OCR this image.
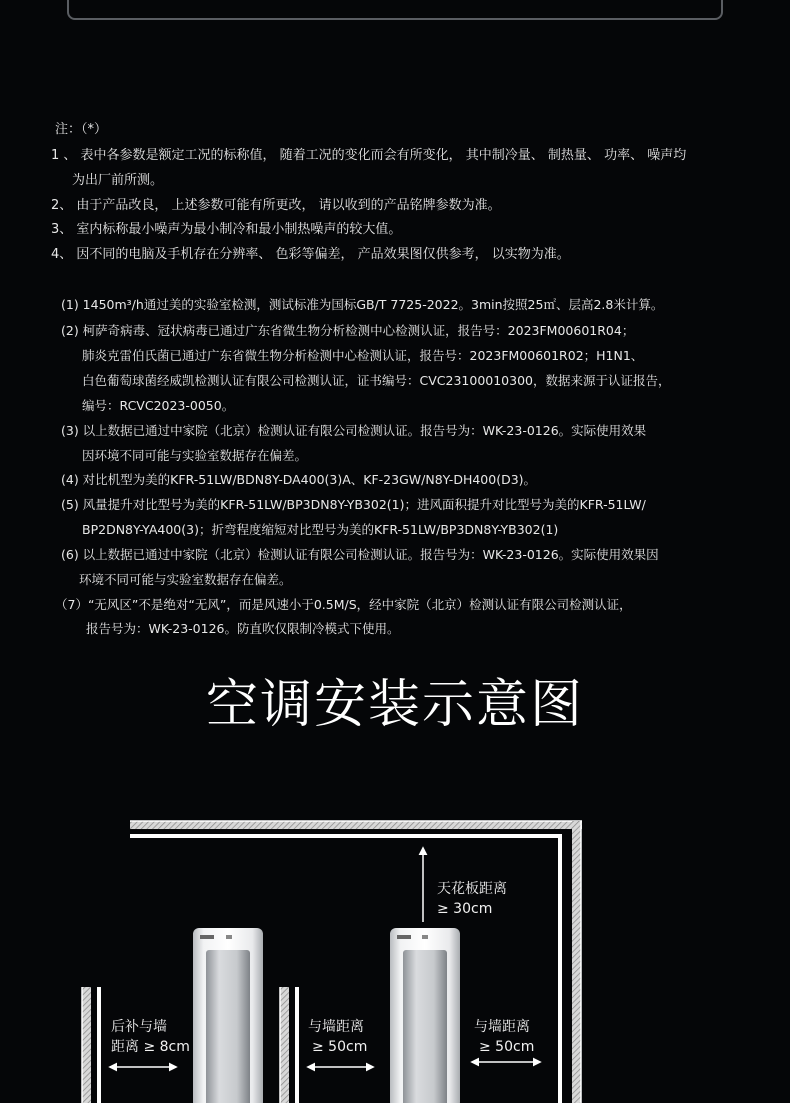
注：（*）
1 、 表中各参数是额定工况的标称值， 随着工况的变化而会有所变化， 其中制冷量、 制热量、 功率、 噪声均
为出厂前所测。
2、 由于产品改良， 上述参数可能有所更改， 请以收到的产品铭牌参数为准。
3、 室内标称最小噪声为最小制冷和最小制热噪声的较大值。
4、 因不同的电脑及手机存在分辨率、 色彩等偏差， 产品效果图仅供参考， 以实物为准。
(1) 1450m³/h通过美的实验室检测，测试标准为国标GB/T 7725-2022。3min按照25㎡、层高2.8米计算。
(2) 柯萨奇病毒、冠状病毒已通过广东省微生物分析检测中心检测认证，报告号：2023FM00601R04；
肺炎克雷伯氏菌已通过广东省微生物分析检测中心检测认证，报告号：2023FM00601R02；H1N1、
白色葡萄球菌经威凯检测认证有限公司检测认证，证书编号：CVC23100010300，数据来源于认证报告，
编号：RCVC2023-0050。
(3) 以上数据已通过中家院（北京）检测认证有限公司检测认证。报告号为：WK-23-0126。实际使用效果
因环境不同可能与实验室数据存在偏差。
(4) 对比机型为美的KFR-51LW/BDN8Y-DA400(3)A、KF-23GW/N8Y-DH400(D3)。
(5) 风量提升对比型号为美的KFR-51LW/BP3DN8Y-YB302(1)；进风面积提升对比型号为美的KFR-51LW/
BP2DN8Y-YA400(3)；折弯程度缩短对比型号为美的KFR-51LW/BP3DN8Y-YB302(1)
(6) 以上数据已通过中家院（北京）检测认证有限公司检测认证。报告号为：WK-23-0126。实际使用效果因
环境不同可能与实验室数据存在偏差。
（7）“无风区”不是绝对“无风”，而是风速小于0.5M/S，经中家院（北京）检测认证有限公司检测认证，
报告号为：WK-23-0126。防直吹仅限制冷模式下使用。
空调安装示意图
天花板距离
≥ 30cm
后补与墙
距离 ≥ 8cm
与墙距离
≥ 50cm
与墙距离
≥ 50cm
